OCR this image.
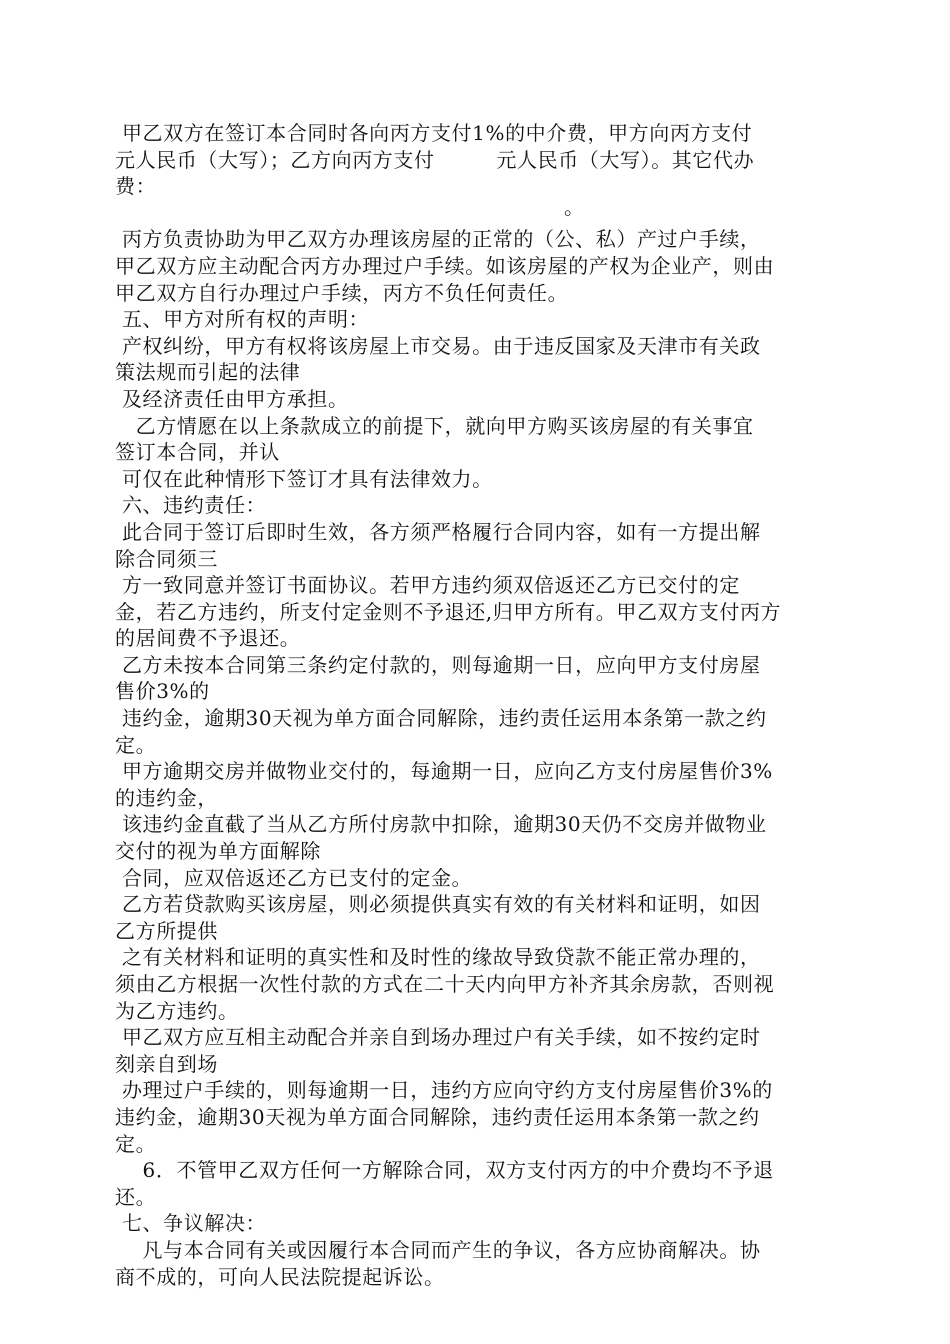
甲乙双方在签订本合同时各向丙方支付1%的中介费，甲方向丙方支付
元人民币（大写）；乙方向丙方支付　　　元人民币（大写）。其它代办
费：
。
丙方负责协助为甲乙双方办理该房屋的正常的（公、私）产过户手续，
甲乙双方应主动配合丙方办理过户手续。如该房屋的产权为企业产，则由
甲乙双方自行办理过户手续，丙方不负任何责任。
五、甲方对所有权的声明：
产权纠纷，甲方有权将该房屋上市交易。由于违反国家及天津市有关政
策法规而引起的法律
及经济责任由甲方承担。
　乙方情愿在以上条款成立的前提下，就向甲方购买该房屋的有关事宜
签订本合同，并认
可仅在此种情形下签订才具有法律效力。
六、违约责任：
此合同于签订后即时生效，各方须严格履行合同内容，如有一方提出解
除合同须三
方一致同意并签订书面协议。若甲方违约须双倍返还乙方已交付的定
金，若乙方违约，所支付定金则不予退还,归甲方所有。甲乙双方支付丙方
的居间费不予退还。
乙方未按本合同第三条约定付款的，则每逾期一日，应向甲方支付房屋
售价3%的
违约金，逾期30天视为单方面合同解除，违约责任运用本条第一款之约
定。
甲方逾期交房并做物业交付的，每逾期一日，应向乙方支付房屋售价3%
的违约金，
该违约金直截了当从乙方所付房款中扣除，逾期30天仍不交房并做物业
交付的视为单方面解除
合同，应双倍返还乙方已支付的定金。
乙方若贷款购买该房屋，则必须提供真实有效的有关材料和证明，如因
乙方所提供
之有关材料和证明的真实性和及时性的缘故导致贷款不能正常办理的，
须由乙方根据一次性付款的方式在二十天内向甲方补齐其余房款，否则视
为乙方违约。
甲乙双方应互相主动配合并亲自到场办理过户有关手续，如不按约定时
刻亲自到场
办理过户手续的，则每逾期一日，违约方应向守约方支付房屋售价3%的
违约金，逾期30天视为单方面合同解除，违约责任运用本条第一款之约
定。
　 6．不管甲乙双方任何一方解除合同，双方支付丙方的中介费均不予退
还。
七、争议解决：
　 凡与本合同有关或因履行本合同而产生的争议，各方应协商解决。协
商不成的，可向人民法院提起诉讼。
